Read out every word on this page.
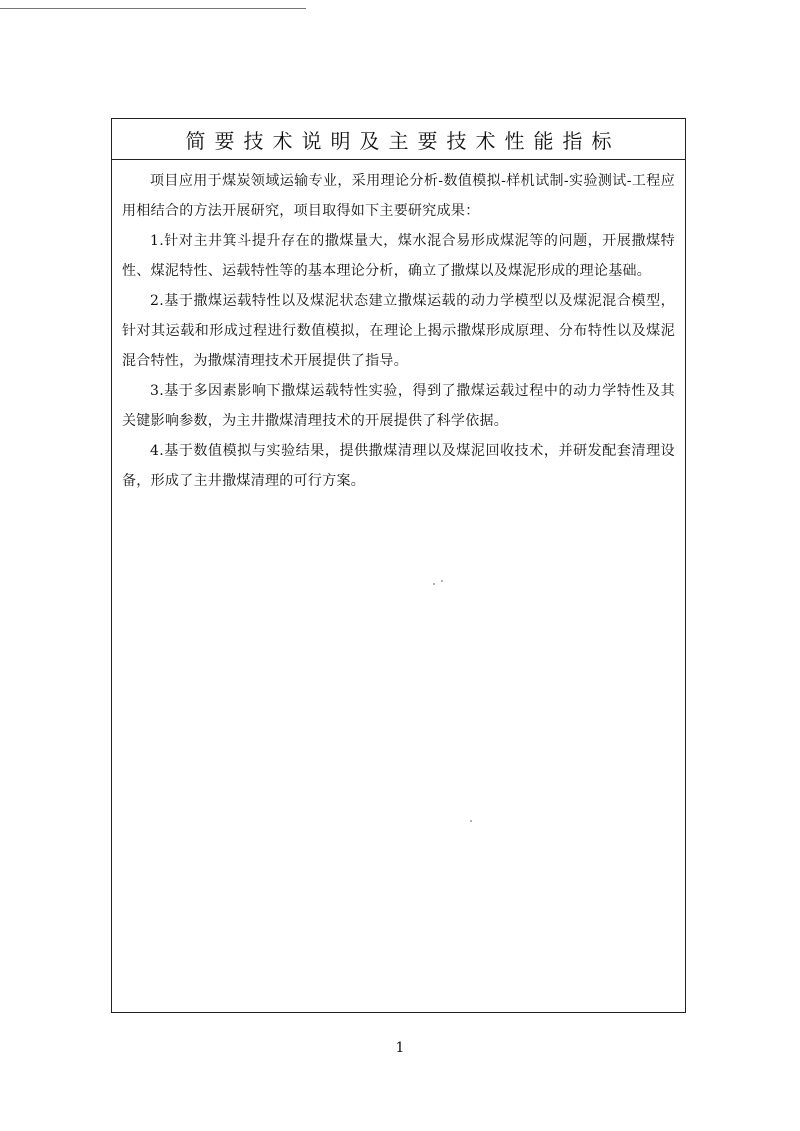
简要技术说明及主要技术性能指标

项目应用于煤炭领域运输专业，采用理论分析-数值模拟-样机试制-实验测试-工程应用相结合的方法开展研究，项目取得如下主要研究成果：

1.针对主井箕斗提升存在的撒煤量大，煤水混合易形成煤泥等的问题，开展撒煤特性、煤泥特性、运载特性等的基本理论分析，确立了撒煤以及煤泥形成的理论基础。

2.基于撒煤运载特性以及煤泥状态建立撒煤运载的动力学模型以及煤泥混合模型，针对其运载和形成过程进行数值模拟，在理论上揭示撒煤形成原理、分布特性以及煤泥混合特性，为撒煤清理技术开展提供了指导。

3.基于多因素影响下撒煤运载特性实验，得到了撒煤运载过程中的动力学特性及其关键影响参数，为主井撒煤清理技术的开展提供了科学依据。

4.基于数值模拟与实验结果，提供撒煤清理以及煤泥回收技术，并研发配套清理设备，形成了主井撒煤清理的可行方案。

1
